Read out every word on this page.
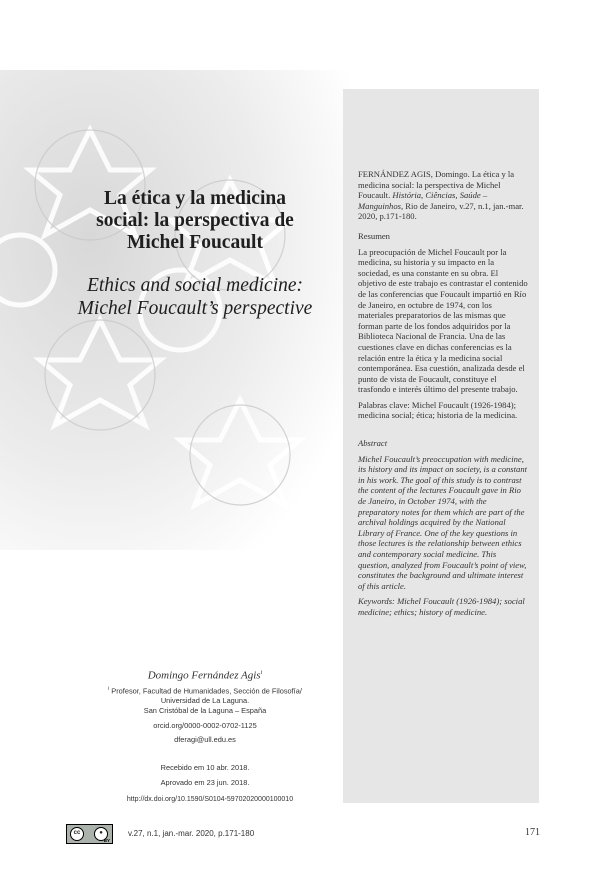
La ética y la medicina
social: la perspectiva de
Michel Foucault
Ethics and social medicine:
Michel Foucault’s perspective

FERNÁNDEZ AGIS, Domingo. La ética y la medicina social: la perspectiva de Michel Foucault. História, Ciências, Saúde – Manguinhos, Rio de Janeiro, v.27, n.1, jan.-mar. 2020, p.171-180.

Resumen

La preocupación de Michel Foucault por la medicina, su historia y su impacto en la sociedad, es una constante en su obra. El objetivo de este trabajo es contrastar el contenido de las conferencias que Foucault impartió en Río de Janeiro, en octubre de 1974, con los materiales preparatorios de las mismas que forman parte de los fondos adquiridos por la Biblioteca Nacional de Francia. Una de las cuestiones clave en dichas conferencias es la relación entre la ética y la medicina social contemporánea. Esa cuestión, analizada desde el punto de vista de Foucault, constituye el trasfondo e interés último del presente trabajo.

Palabras clave: Michel Foucault (1926-1984); medicina social; ética; historia de la medicina.

Abstract

Michel Foucault’s preoccupation with medicine, its history and its impact on society, is a constant in his work. The goal of this study is to contrast the content of the lectures Foucault gave in Rio de Janeiro, in October 1974, with the preparatory notes for them which are part of the archival holdings acquired by the National Library of France. One of the key questions in those lectures is the relationship between ethics and contemporary social medicine. This question, analyzed from Foucault’s point of view, constitutes the background and ultimate interest of this article.

Keywords: Michel Foucault (1926-1984); social medicine; ethics; history of medicine.

Domingo Fernández Agis$^i$
$^i$ Profesor, Facultad de Humanidades, Sección de Filosofía/
Universidad de La Laguna.
San Cristóbal de la Laguna – España
orcid.org/0000-0002-0702-1125
dferagi@ull.edu.es
Recebido em 10 abr. 2018.
Aprovado em 23 jun. 2018.
http://dx.doi.org/10.1590/S0104-59702020000100010
cc	●
BY
v.27, n.1, jan.-mar. 2020, p.171-180	171
